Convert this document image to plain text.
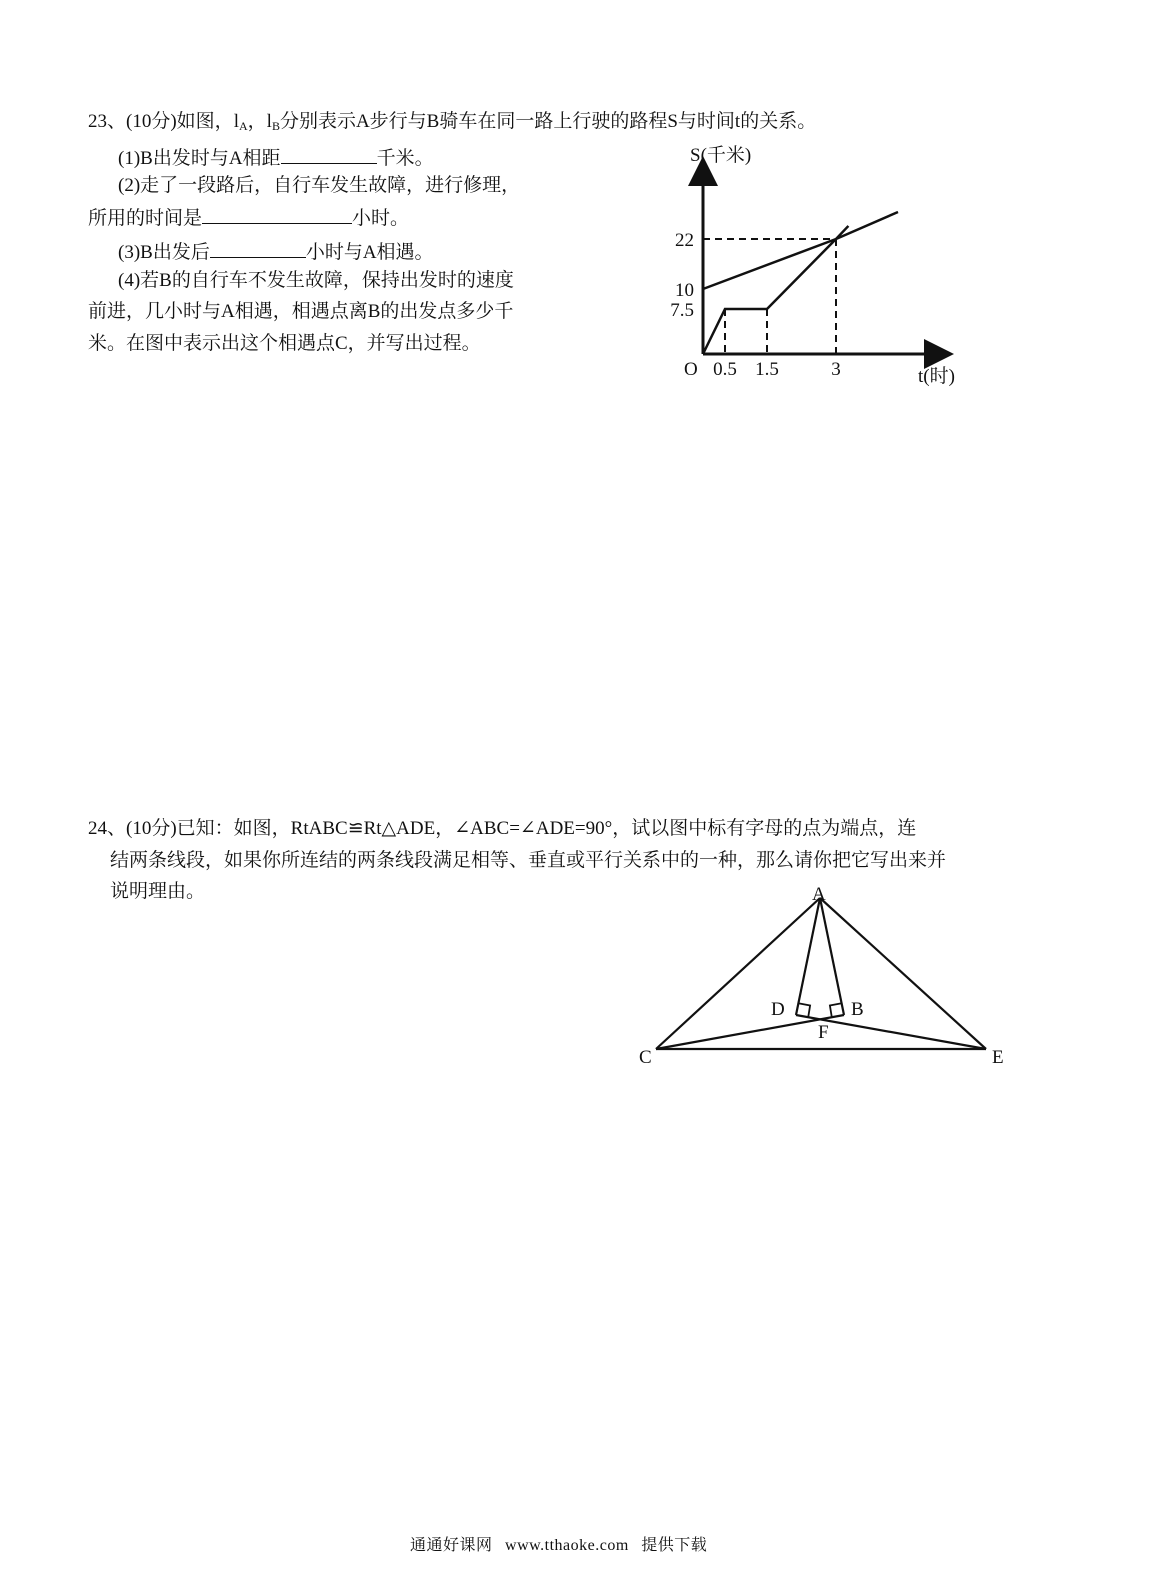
23、(10分)如图，$l_A$，$l_B$分别表示A步行与B骑车在同一路上行驶的路程S与时间t的关系。
(1)B出发时与A相距	千米。
(2)走了一段路后，自行车发生故障，进行修理，
所用的时间是	小时。
(3)B出发后	小时与A相遇。
(4)若B的自行车不发生故障，保持出发时的速度
前进，几小时与A相遇，相遇点离B的出发点多少千
米。在图中表示出这个相遇点C，并写出过程。
7.5
10
22
0.5 1.5	3
O
S(千米)
t(时)
24、(10分)已知：如图，RtABC≌Rt△ADE，∠ABC=∠ADE=90°，试以图中标有字母的点为端点，连
结两条线段，如果你所连结的两条线段满足相等、垂直或平行关系中的一种，那么请你把它写出来并
说明理由。	A
D	B
F
C	E
通通好课网 www.tthaoke.com 提供下载
